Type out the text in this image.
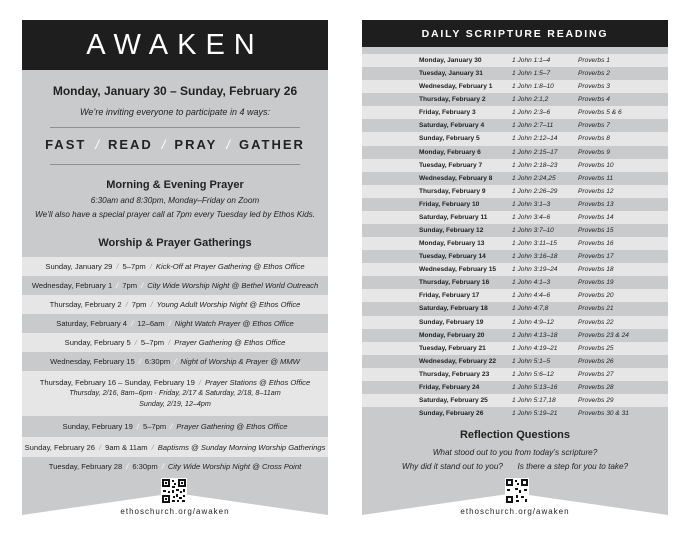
AWAKEN
Monday, January 30 – Sunday, February 26
We’re inviting everyone to participate in 4 ways:
FAST / READ / PRAY / GATHER
Morning & Evening Prayer
6:30am and 8:30pm, Monday–Friday on Zoom
We’ll also have a special prayer call at 7pm every Tuesday led by Ethos Kids.
Worship & Prayer Gatherings
Sunday, January 29 / 5–7pm / Kick-Off at Prayer Gathering @ Ethos Office
Wednesday, February 1 / 7pm / City Wide Worship Night @ Bethel World Outreach
Thursday, February 2 / 7pm / Young Adult Worship Night @ Ethos Office
Saturday, February 4 / 12–6am / Night Watch Prayer @ Ethos Office
Sunday, February 5 / 5–7pm / Prayer Gathering @ Ethos Office
Wednesday, February 15 / 6:30pm / Night of Worship & Prayer @ MMW
Thursday, February 16 – Sunday, February 19 / Prayer Stations @ Ethos Office
Thursday, 2/16, 8am–6pm · Friday, 2/17 & Saturday, 2/18, 8–11am
Sunday, 2/19, 12–4pm
Sunday, February 19 / 5–7pm / Prayer Gathering @ Ethos Office
Sunday, February 26 / 9am & 11am / Baptisms @ Sunday Morning Worship Gatherings
Tuesday, February 28 / 6:30pm / City Wide Worship Night @ Cross Point
ethoschurch.org/awaken
DAILY SCRIPTURE READING
Monday, January 30	1 John 1:1–4	Proverbs 1
Tuesday, January 31	1 John 1:5–7	Proverbs 2
Wednesday, February 1	1 John 1:8–10	Proverbs 3
Thursday, February 2	1 John 2:1,2	Proverbs 4
Friday, February 3	1 John 2:3–6	Proverbs 5 & 6
Saturday, February 4	1 John 2:7–11	Proverbs 7
Sunday, February 5	1 John 2:12–14	Proverbs 8
Monday, February 6	1 John 2:15–17	Proverbs 9
Tuesday, February 7	1 John 2:18–23	Proverbs 10
Wednesday, February 8	1 John 2:24,25	Proverbs 11
Thursday, February 9	1 John 2:26–29	Proverbs 12
Friday, February 10	1 John 3:1–3	Proverbs 13
Saturday, February 11	1 John 3:4–6	Proverbs 14
Sunday, February 12	1 John 3:7–10	Proverbs 15
Monday, February 13	1 John 3:11–15	Proverbs 16
Tuesday, February 14	1 John 3:16–18	Proverbs 17
Wednesday, February 15 1 John 3:19–24	Proverbs 18
Thursday, February 16	1 John 4:1–3	Proverbs 19
Friday, February 17	1 John 4:4–6	Proverbs 20
Saturday, February 18	1 John 4:7,8	Proverbs 21
Sunday, February 19	1 John 4:9–12	Proverbs 22
Monday, February 20	1 John 4:13–18	Proverbs 23 & 24
Tuesday, February 21	1 John 4:19–21	Proverbs 25
Wednesday, February 22 1 John 5:1–5	Proverbs 26
Thursday, February 23	1 John 5:6–12	Proverbs 27
Friday, February 24	1 John 5:13–16	Proverbs 28
Saturday, February 25	1 John 5:17,18	Proverbs 29
Sunday, February 26	1 John 5:19–21	Proverbs 30 & 31
Reflection Questions
What stood out to you from today’s scripture?
Why did it stand out to you? Is there a step for you to take?
ethoschurch.org/awaken
